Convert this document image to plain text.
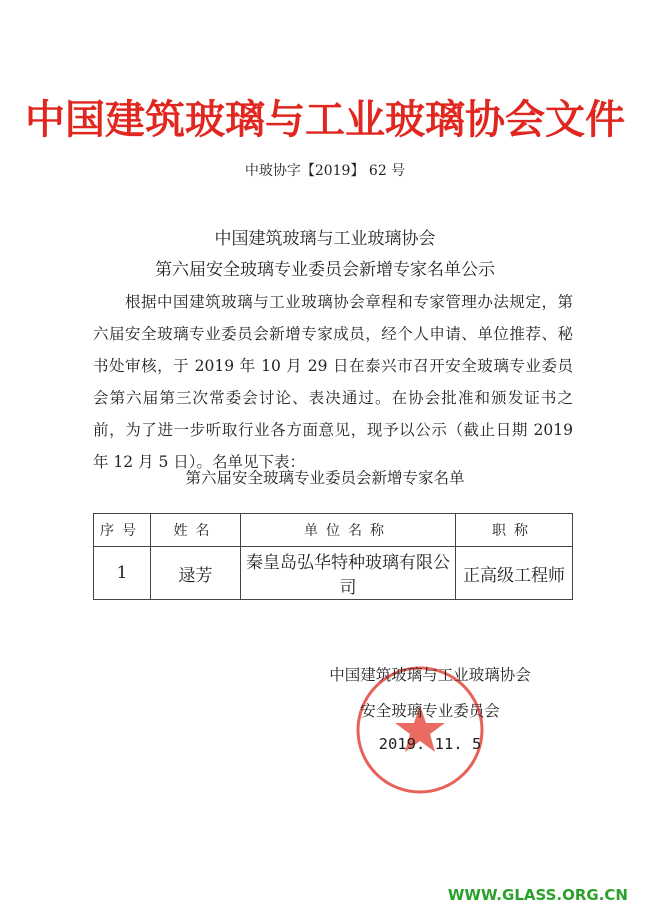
中国建筑玻璃与工业玻璃协会文件
中玻协字【2019】 62 号
中国建筑玻璃与工业玻璃协会
第六届安全玻璃专业委员会新增专家名单公示
根据中国建筑玻璃与工业玻璃协会章程和专家管理办法规定，第六届安全玻璃专业委员会新增专家成员，经个人申请、单位推荐、秘书处审核，于 2019 年 10 月 29 日在泰兴市召开安全玻璃专业委员会第六届第三次常委会讨论、表决通过。在协会批准和颁发证书之前，为了进一步听取行业各方面意见，现予以公示（截止日期 2019 年 12 月 5 日）。名单见下表：
第六届安全玻璃专业委员会新增专家名单
序号	姓名	单位名称	职称
1	逯芳	秦皇岛弘华特种玻璃有限公司	正高级工程师
中国建筑玻璃与工业玻璃协会
安全玻璃专业委员会
2019. 11. 5
WWW.GLASS.ORG.CN
